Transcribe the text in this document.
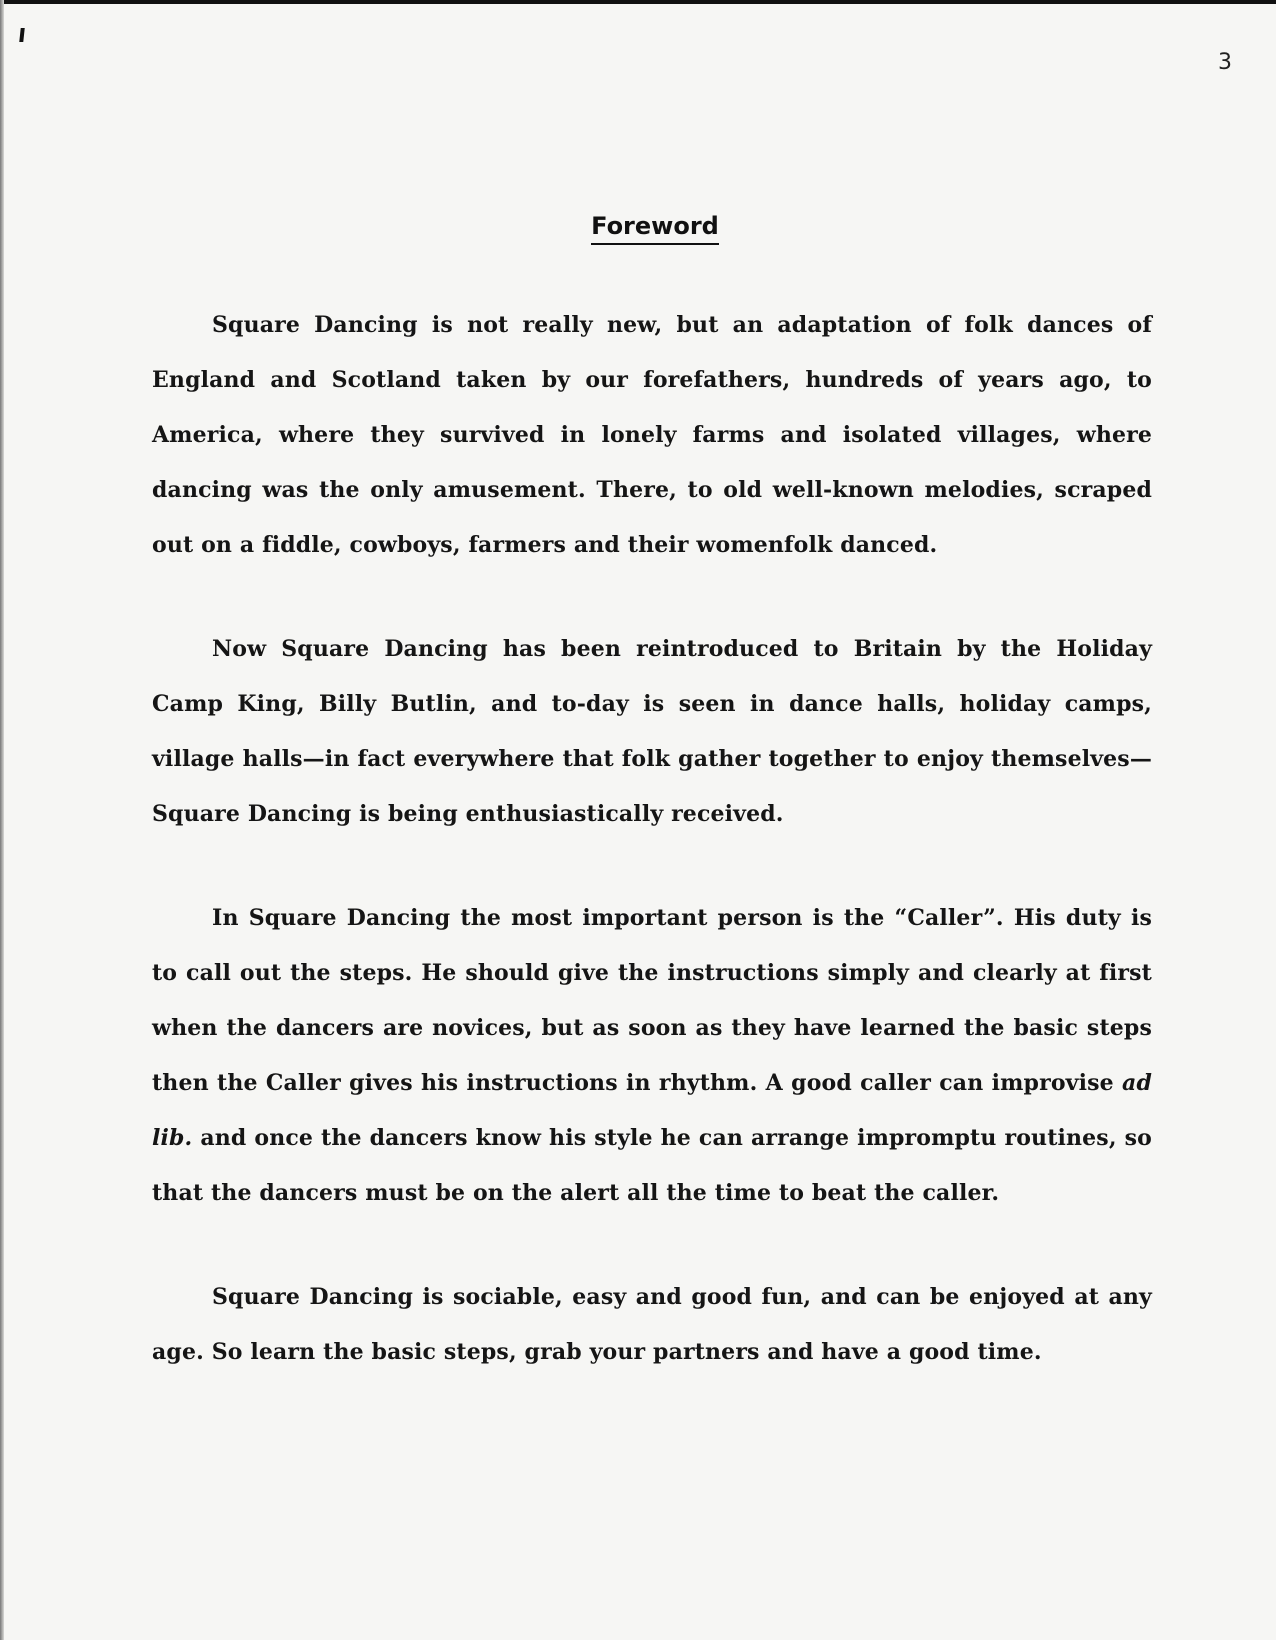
3
Foreword

Square Dancing is not really new, but an adaptation of folk dances of England and Scotland taken by our forefathers, hundreds of years ago, to America, where they survived in lonely farms and isolated villages, where dancing was the only amusement. There, to old well-known melodies, scraped out on a fiddle, cowboys, farmers and their womenfolk danced.

Now Square Dancing has been reintroduced to Britain by the Holiday Camp King, Billy Butlin, and to-day is seen in dance halls, holiday camps, village halls—in fact everywhere that folk gather together to enjoy themselves—Square Dancing is being enthusiastically received.

In Square Dancing the most important person is the “Caller”. His duty is to call out the steps. He should give the instructions simply and clearly at first when the dancers are novices, but as soon as they have learned the basic steps then the Caller gives his instructions in rhythm. A good caller can improvise ad lib. and once the dancers know his style he can arrange impromptu routines, so that the dancers must be on the alert all the time to beat the caller.

Square Dancing is sociable, easy and good fun, and can be enjoyed at any age. So learn the basic steps, grab your partners and have a good time.
